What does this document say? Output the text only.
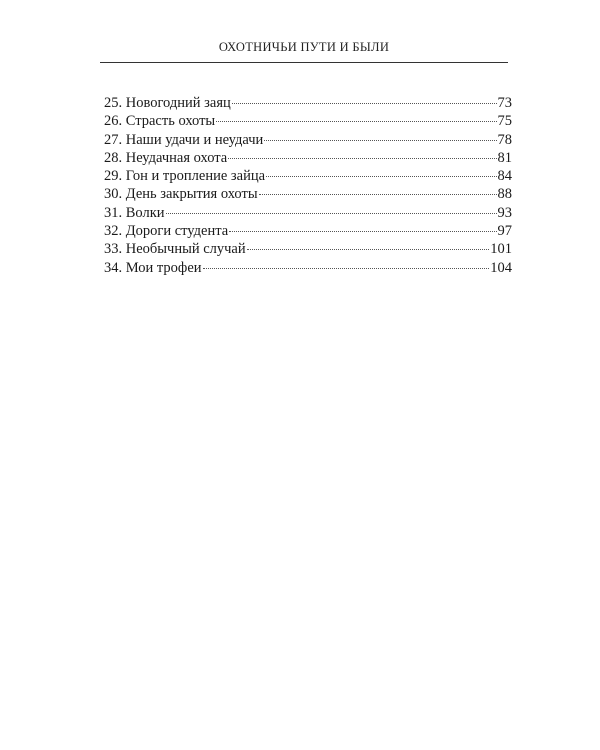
ОХОТНИЧЬИ ПУТИ И БЫЛИ
25. Новогодний заяц	73
26. Страсть охоты	75
27. Наши удачи и неудачи	78
28. Неудачная охота	81
29. Гон и тропление зайца	84
30. День закрытия охоты	88
31. Волки	93
32. Дороги студента	97
33. Необычный случай	101
34. Мои трофеи	104
